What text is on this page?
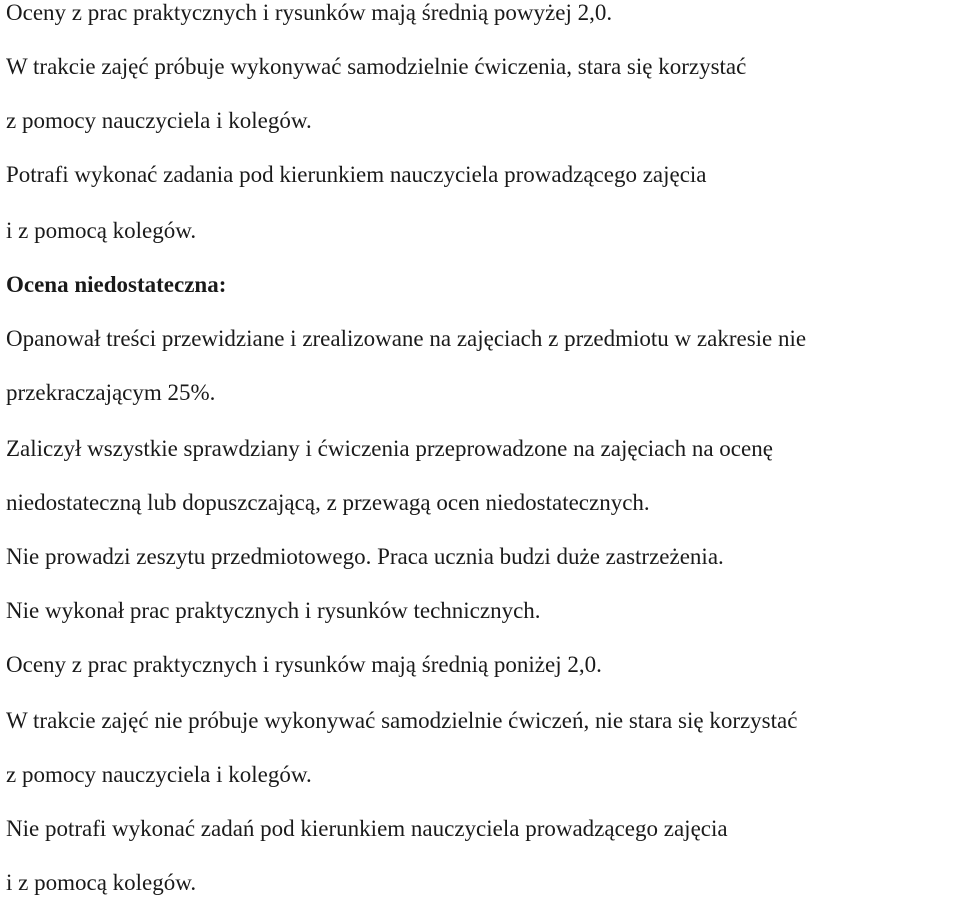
Oceny z prac praktycznych i rysunków mają średnią powyżej 2,0.
W trakcie zajęć próbuje wykonywać samodzielnie ćwiczenia, stara się korzystać
z pomocy nauczyciela i kolegów.
Potrafi wykonać zadania pod kierunkiem nauczyciela prowadzącego zajęcia
i z pomocą kolegów.
Ocena niedostateczna:
Opanował treści przewidziane i zrealizowane na zajęciach z przedmiotu w zakresie nie
przekraczającym 25%.
Zaliczył wszystkie sprawdziany i ćwiczenia przeprowadzone na zajęciach na ocenę
niedostateczną lub dopuszczającą, z przewagą ocen niedostatecznych.
Nie prowadzi zeszytu przedmiotowego. Praca ucznia budzi duże zastrzeżenia.
Nie wykonał prac praktycznych i rysunków technicznych.
Oceny z prac praktycznych i rysunków mają średnią poniżej 2,0.
W trakcie zajęć nie próbuje wykonywać samodzielnie ćwiczeń, nie stara się korzystać
z pomocy nauczyciela i kolegów.
Nie potrafi wykonać zadań pod kierunkiem nauczyciela prowadzącego zajęcia
i z pomocą kolegów.
